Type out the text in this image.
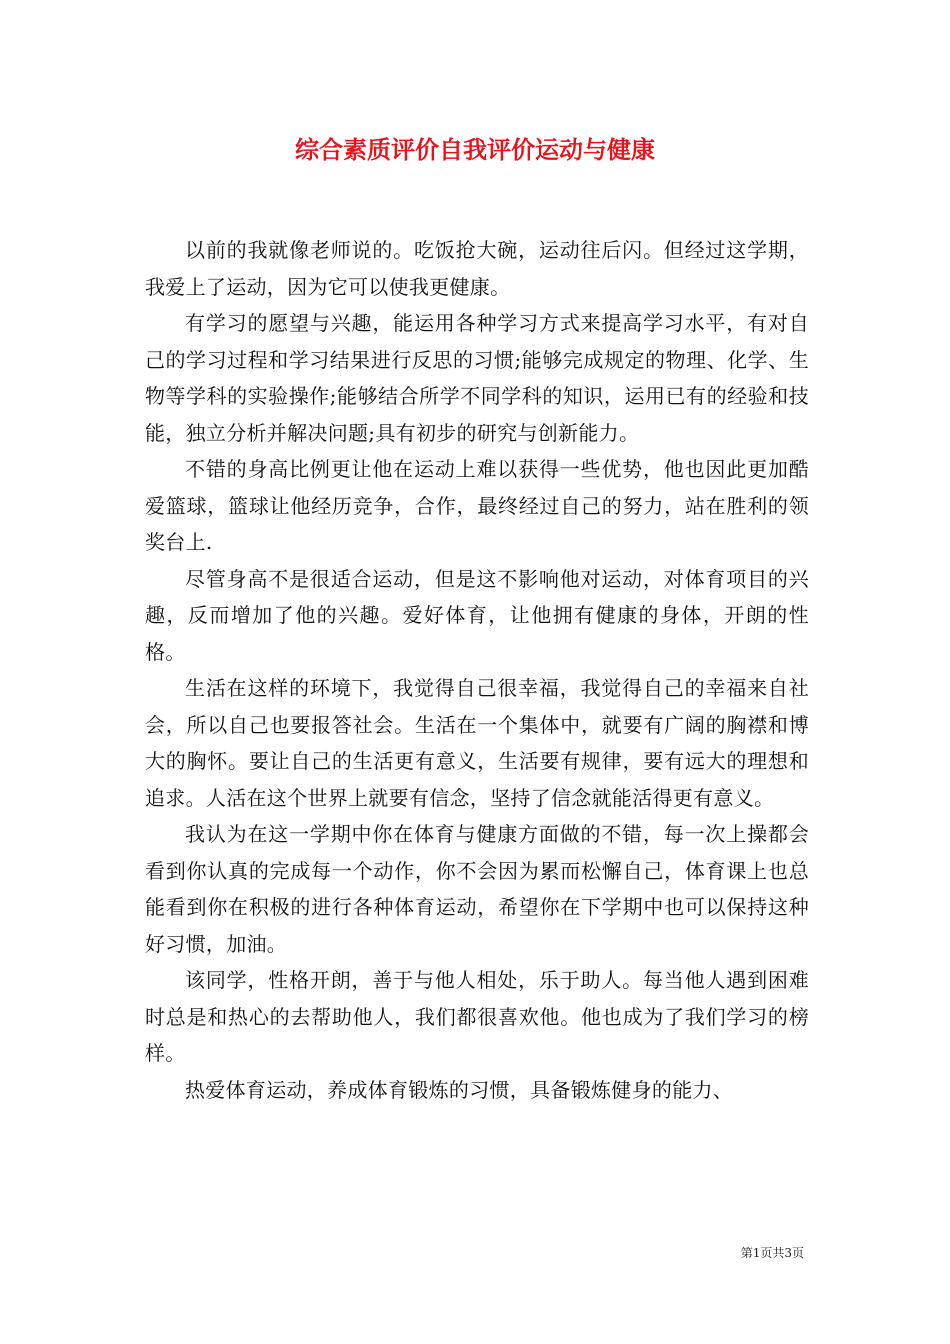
综合素质评价自我评价运动与健康

以前的我就像老师说的。吃饭抢大碗，运动往后闪。但经过这学期，我爱上了运动，因为它可以使我更健康。

有学习的愿望与兴趣，能运用各种学习方式来提高学习水平，有对自己的学习过程和学习结果进行反思的习惯;能够完成规定的物理、化学、生物等学科的实验操作;能够结合所学不同学科的知识，运用已有的经验和技能，独立分析并解决问题;具有初步的研究与创新能力。

不错的身高比例更让他在运动上难以获得一些优势，他也因此更加酷爱篮球，篮球让他经历竞争，合作，最终经过自己的努力，站在胜利的领奖台上.

尽管身高不是很适合运动，但是这不影响他对运动，对体育项目的兴趣，反而增加了他的兴趣。爱好体育，让他拥有健康的身体，开朗的性格。

生活在这样的环境下，我觉得自己很幸福，我觉得自己的幸福来自社会，所以自己也要报答社会。生活在一个集体中，就要有广阔的胸襟和博大的胸怀。要让自己的生活更有意义，生活要有规律，要有远大的理想和追求。人活在这个世界上就要有信念，坚持了信念就能活得更有意义。

我认为在这一学期中你在体育与健康方面做的不错，每一次上操都会看到你认真的完成每一个动作，你不会因为累而松懈自己，体育课上也总能看到你在积极的进行各种体育运动，希望你在下学期中也可以保持这种好习惯，加油。

该同学，性格开朗，善于与他人相处，乐于助人。每当他人遇到困难时总是和热心的去帮助他人，我们都很喜欢他。他也成为了我们学习的榜样。

热爱体育运动，养成体育锻炼的习惯，具备锻炼健身的能力、

第1页共3页
